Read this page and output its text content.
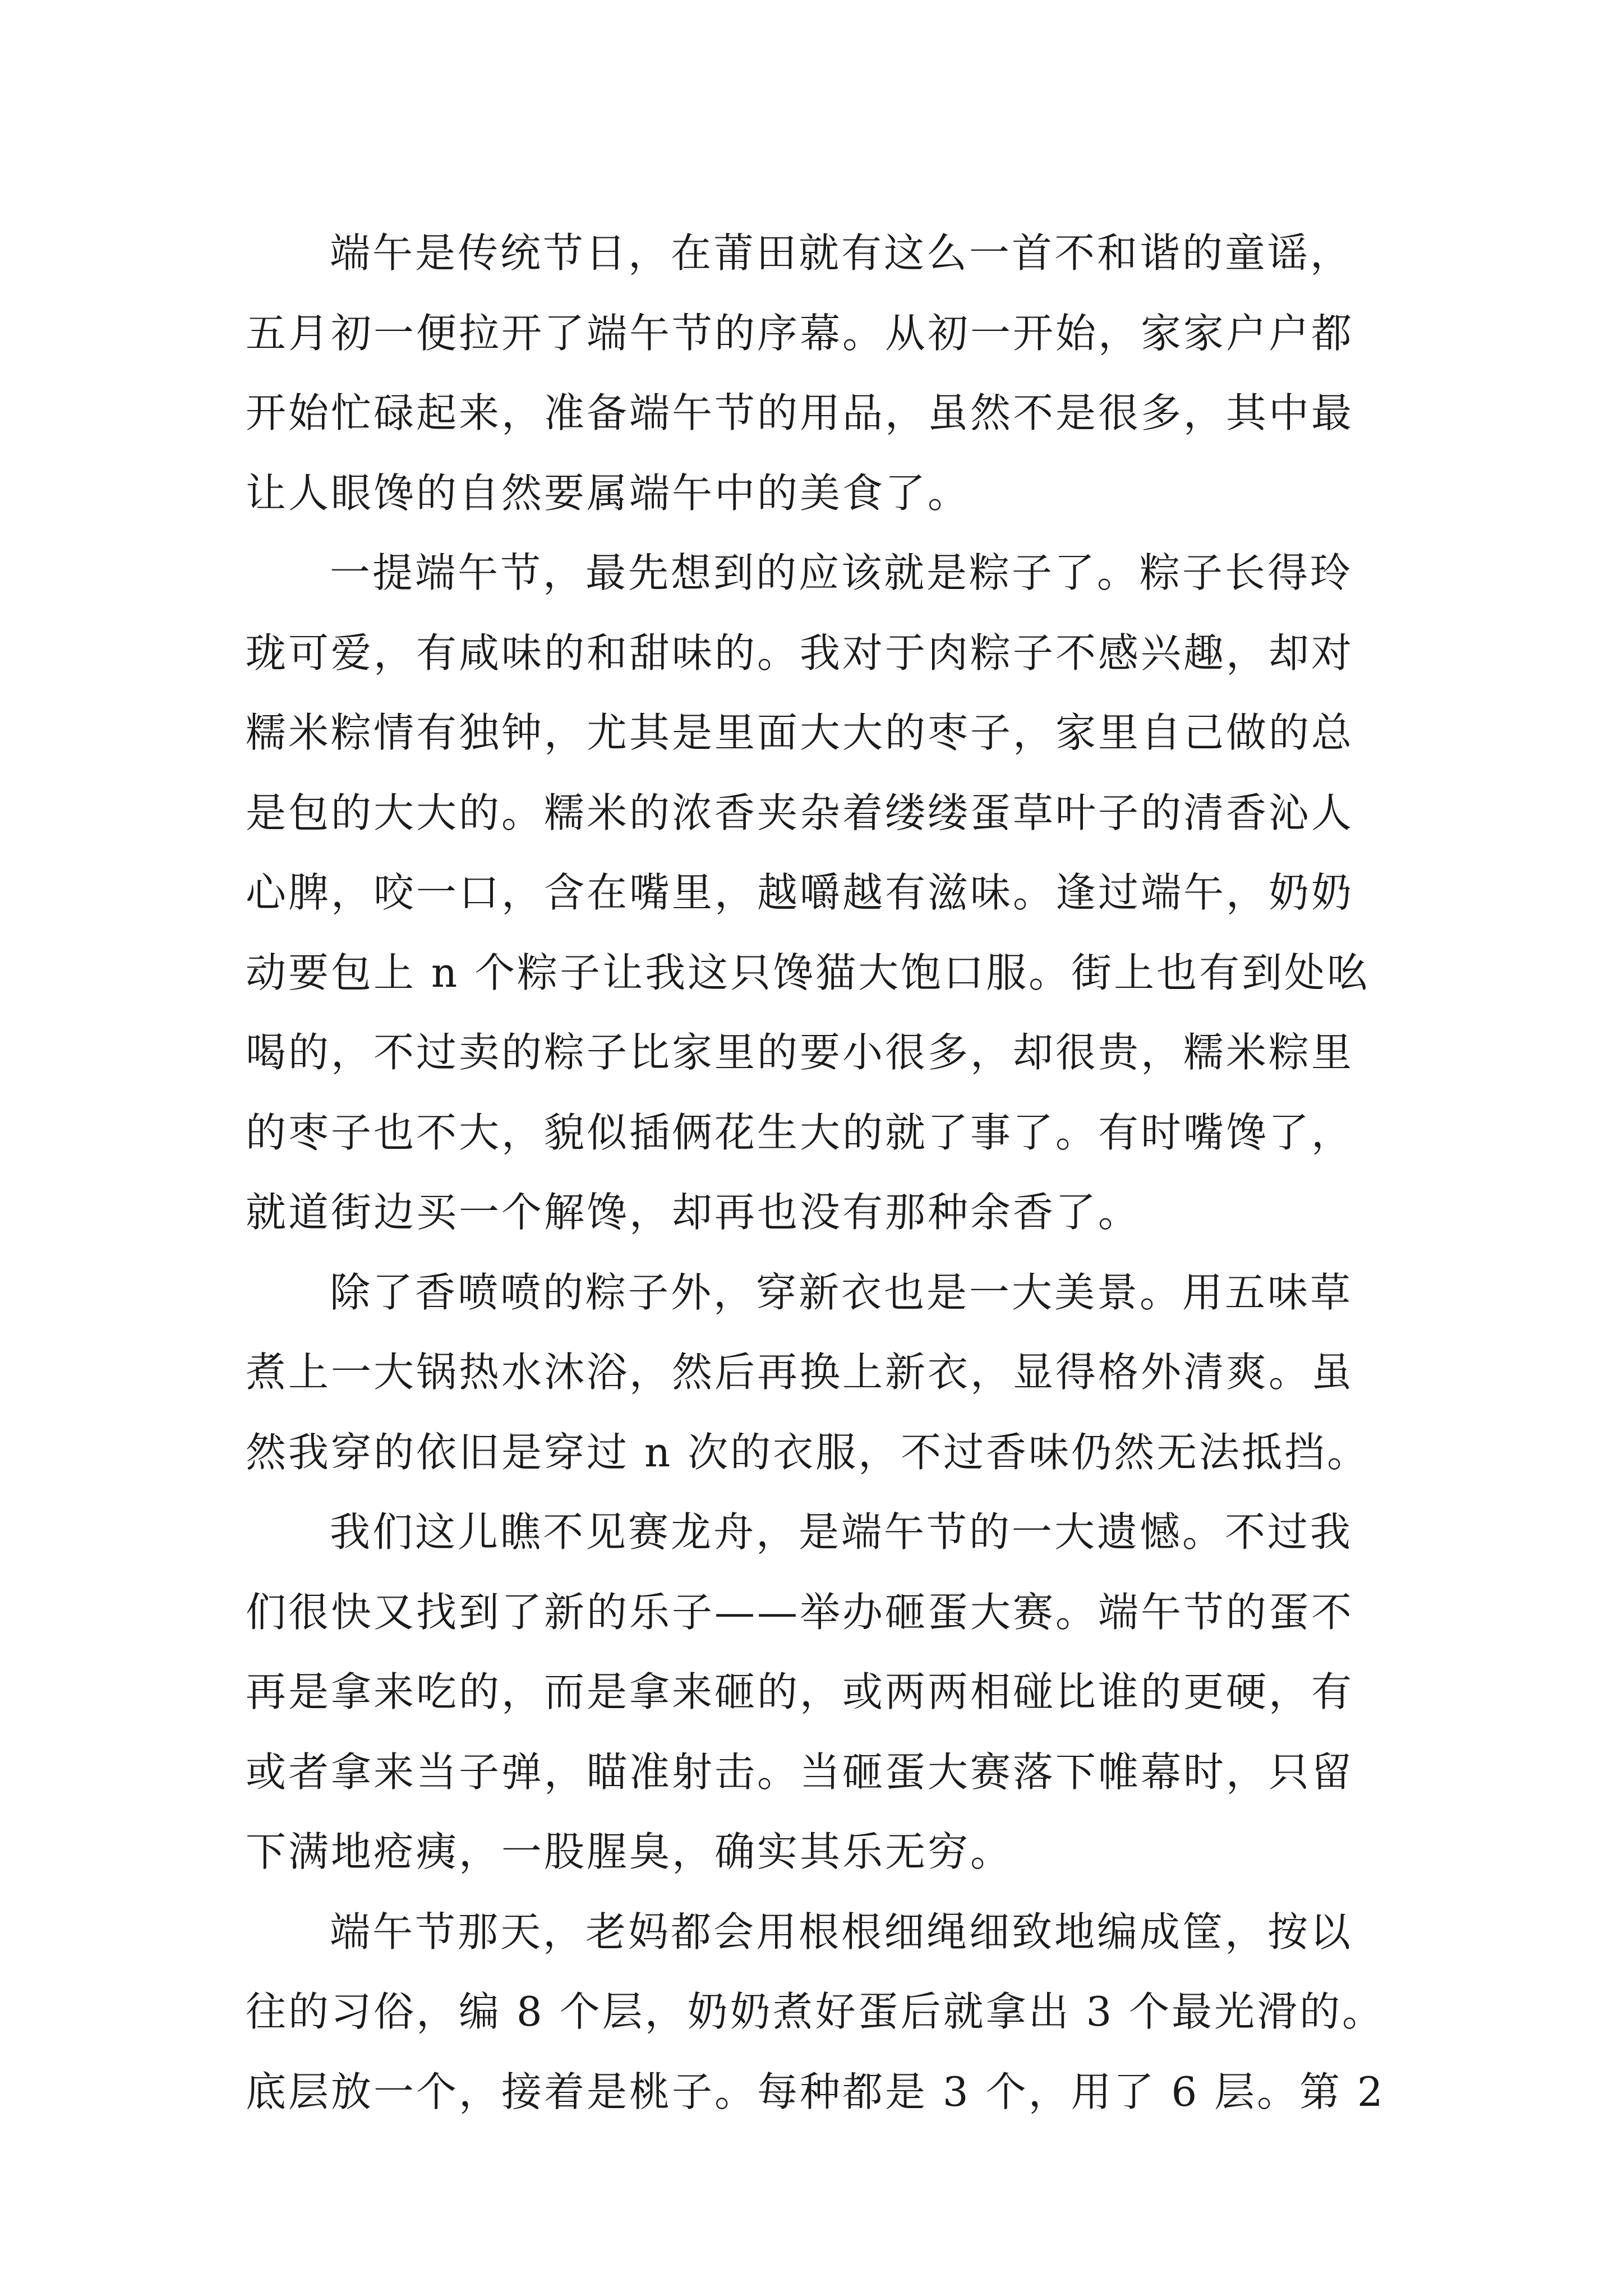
端午是传统节日，在莆田就有这么一首不和谐的童谣，
五月初一便拉开了端午节的序幕。从初一开始，家家户户都
开始忙碌起来，准备端午节的用品，虽然不是很多，其中最
让人眼馋的自然要属端午中的美食了。
一提端午节，最先想到的应该就是粽子了。粽子长得玲
珑可爱，有咸味的和甜味的。我对于肉粽子不感兴趣，却对
糯米粽情有独钟，尤其是里面大大的枣子，家里自己做的总
是包的大大的。糯米的浓香夹杂着缕缕蛋草叶子的清香沁人
心脾，咬一口，含在嘴里，越嚼越有滋味。逢过端午，奶奶
动要包上 n 个粽子让我这只馋猫大饱口服。街上也有到处吆
喝的，不过卖的粽子比家里的要小很多，却很贵，糯米粽里
的枣子也不大，貌似插俩花生大的就了事了。有时嘴馋了，
就道街边买一个解馋，却再也没有那种余香了。
除了香喷喷的粽子外，穿新衣也是一大美景。用五味草
煮上一大锅热水沐浴，然后再换上新衣，显得格外清爽。虽
然我穿的依旧是穿过 n 次的衣服，不过香味仍然无法抵挡。
我们这儿瞧不见赛龙舟，是端午节的一大遗憾。不过我
们很快又找到了新的乐子——举办砸蛋大赛。端午节的蛋不
再是拿来吃的，而是拿来砸的，或两两相碰比谁的更硬，有
或者拿来当子弹，瞄准射击。当砸蛋大赛落下帷幕时，只留
下满地疮痍，一股腥臭，确实其乐无穷。
端午节那天，老妈都会用根根细绳细致地编成筐，按以
往的习俗，编 8 个层，奶奶煮好蛋后就拿出 3 个最光滑的。
底层放一个，接着是桃子。每种都是 3 个，用了 6 层。第 2
